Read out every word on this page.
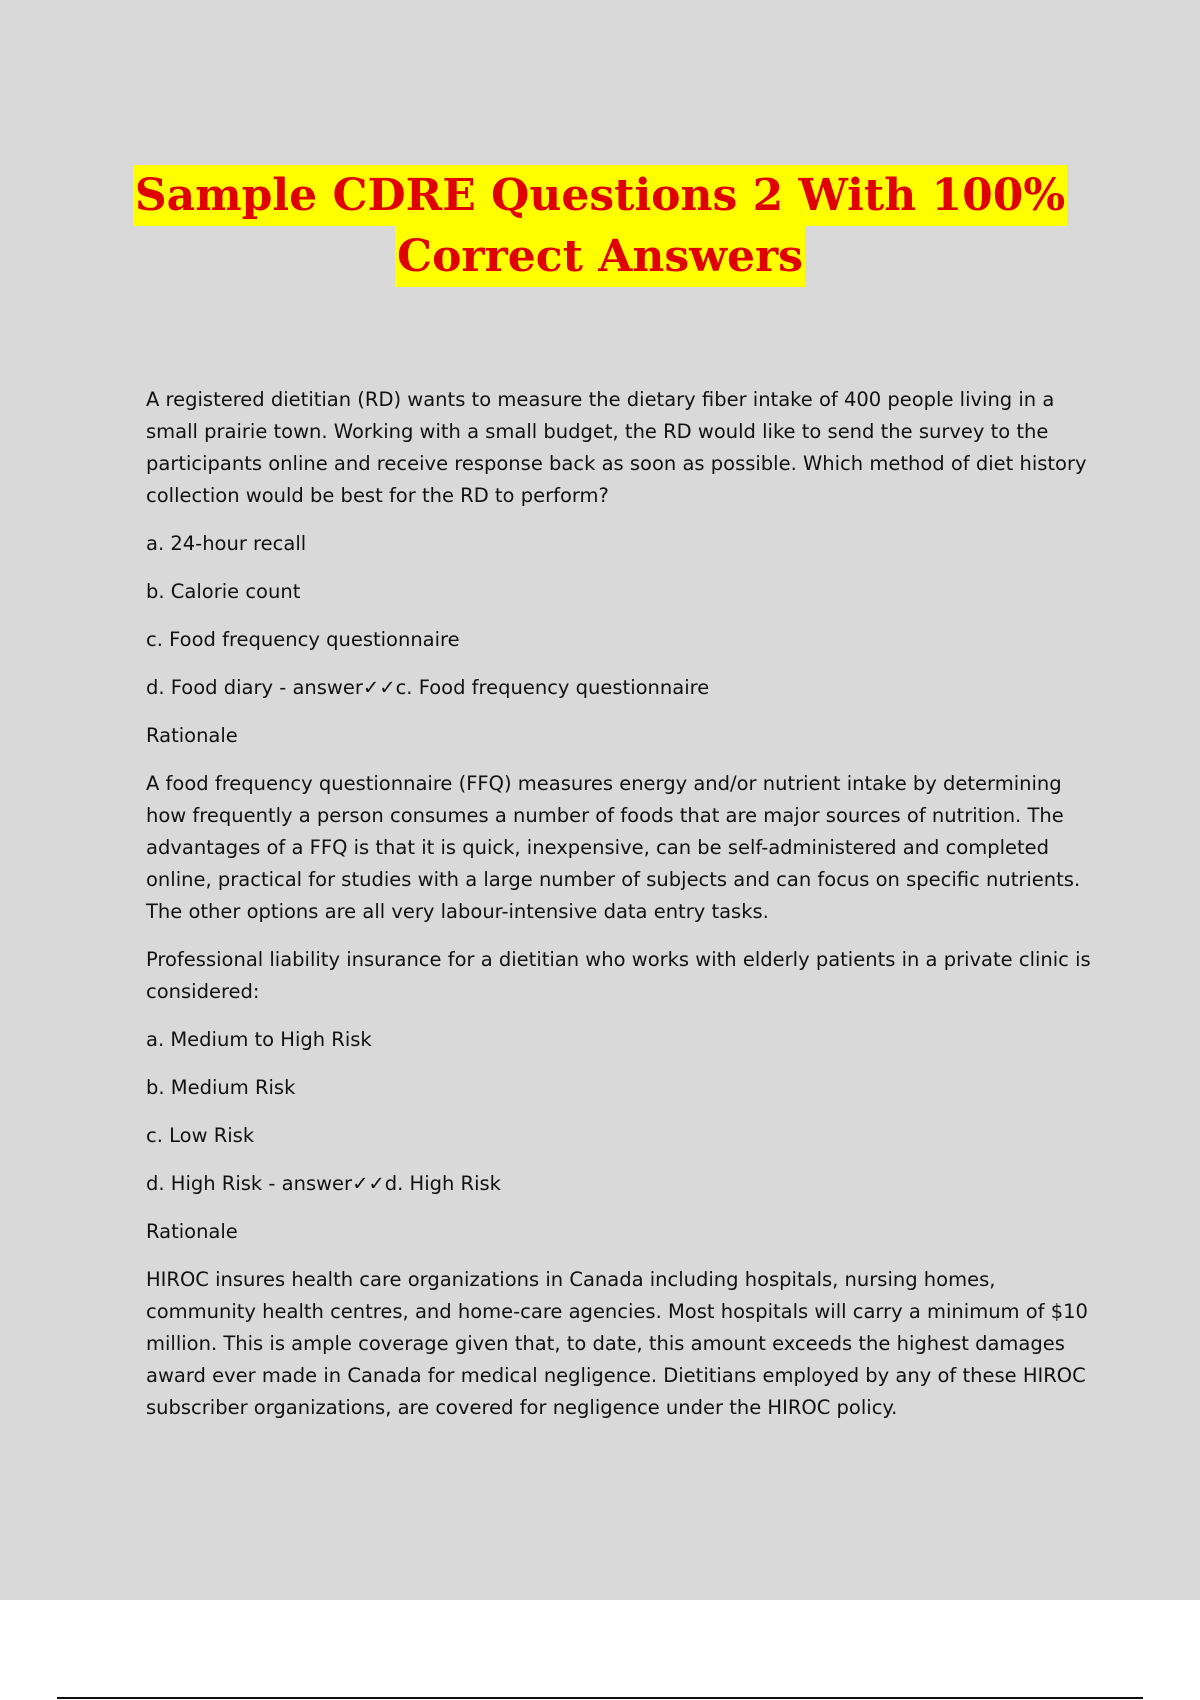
Sample CDRE Questions 2 With 100%
Correct Answers

A registered dietitian (RD) wants to measure the dietary fiber intake of 400 people living in a small prairie town. Working with a small budget, the RD would like to send the survey to the participants online and receive response back as soon as possible. Which method of diet history collection would be best for the RD to perform?

a. 24-hour recall

b. Calorie count

c. Food frequency questionnaire

d. Food diary - answer✓✓c. Food frequency questionnaire

Rationale

A food frequency questionnaire (FFQ) measures energy and/or nutrient intake by determining how frequently a person consumes a number of foods that are major sources of nutrition. The advantages of a FFQ is that it is quick, inexpensive, can be self-administered and completed online, practical for studies with a large number of subjects and can focus on specific nutrients. The other options are all very labour-intensive data entry tasks.

Professional liability insurance for a dietitian who works with elderly patients in a private clinic is considered:

a. Medium to High Risk

b. Medium Risk

c. Low Risk

d. High Risk - answer✓✓d. High Risk

Rationale

HIROC insures health care organizations in Canada including hospitals, nursing homes, community health centres, and home-care agencies. Most hospitals will carry a minimum of $10 million. This is ample coverage given that, to date, this amount exceeds the highest damages award ever made in Canada for medical negligence. Dietitians employed by any of these HIROC subscriber organizations, are covered for negligence under the HIROC policy.
